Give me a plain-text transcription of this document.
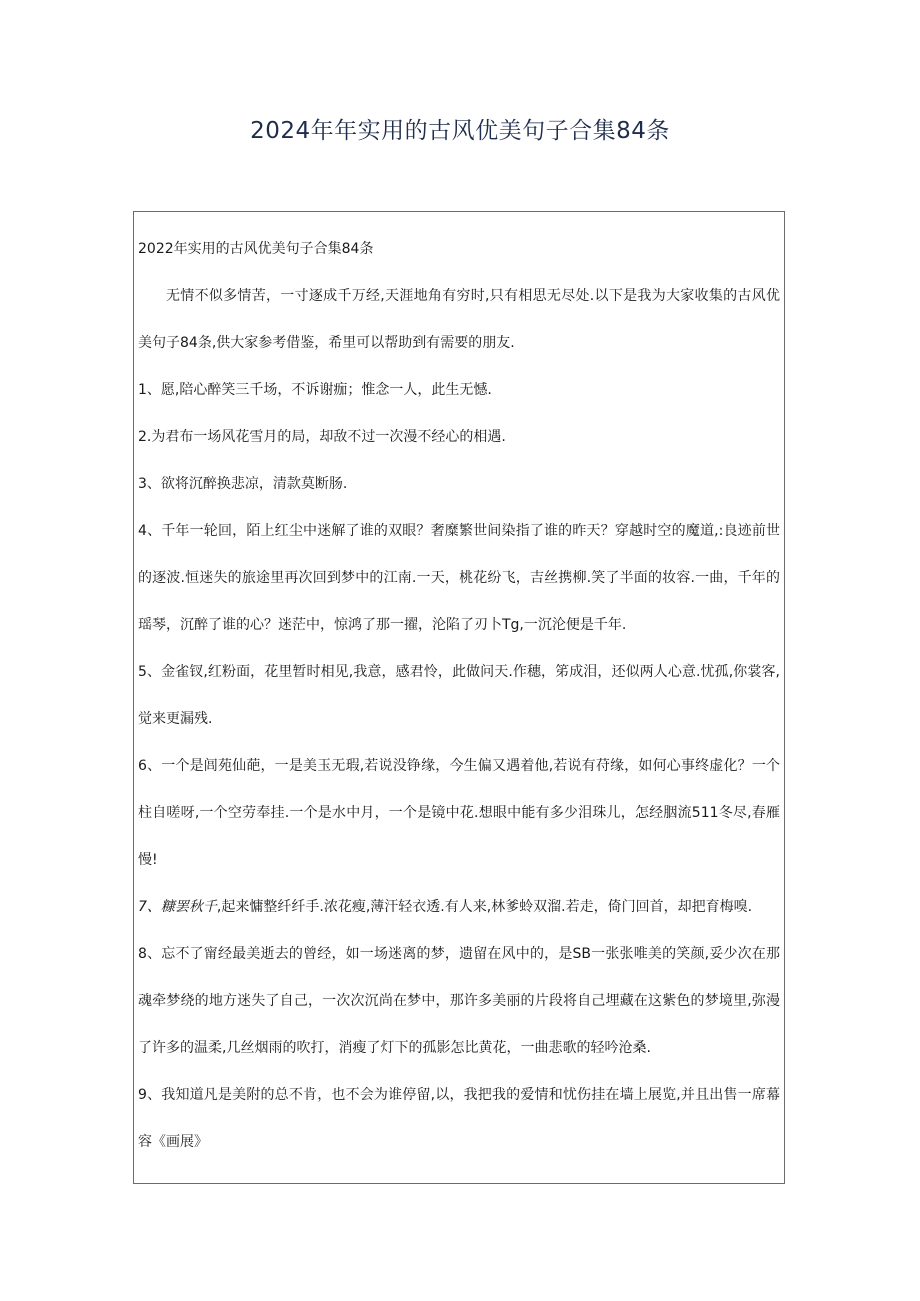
2024年年实用的古风优美句子合集84条
2022年实用的古风优美句子合集84条
无情不似多情苦，一寸逐成千万经,天涯地角有穷时,只有相思无尽处.以下是我为大家收集的古风优美句子84条,供大家参考借鉴，希里可以帮助到有需要的朋友.
1、愿,陪心醉笑三千场，不诉谢痂；惟念一人，此生无憾.
2.为君布一场风花雪月的局，却敌不过一次漫不经心的相遇.
3、欲将沉醉换悲凉，清款莫断肠.
4、千年一轮回，陌上红尘中迷解了谁的双眼？奢糜繁世间染指了谁的昨天？穿越时空的魔道,:良迹前世的逐波.恒迷失的旅途里再次回到梦中的江南.一天，桃花纷飞，吉丝携柳.笑了半面的妆容.一曲，千年的瑶琴，沉醉了谁的心？迷茫中，惊鸿了那一擢，沦陷了刃卜Tg,一沉沦便是千年.
5、金雀钗,红粉面，花里暂时相见,我意，感君怜，此做问天.作穗，笫成泪，还似两人心意.忧孤,你裳客,觉来更漏残.
6、一个是闾苑仙葩，一是美玉无瑕,若说没铮缘，今生偏又遇着他,若说有苻缘，如何心事终虚化？一个柱自嗟呀,一个空劳奉挂.一个是水中月，一个是镜中花.想眼中能有多少泪珠儿，怎经胭流511冬尽,春雁慢!
7、糠罢秋千,起来慵整纤纤手.浓花瘦,薄汗轻衣透.有人来,林爹蛉双溜.若走，倚门回首，却把育梅嗅.
8、忘不了甯经最美逝去的曾经，如一场迷离的梦，遗留在风中的，是SB一张张唯美的笑颜,妥少次在那魂牵梦绕的地方迷失了自己，一次次沉尚在梦中，那许多美丽的片段将自己埋藏在这紫色的梦境里,弥漫了许多的温柔,几丝烟雨的吹打，消瘦了灯下的孤影怎比黄花，一曲悲歌的轻吟沧桑.
9、我知道凡是美附的总不肯，也不会为谁停留,以，我把我的爱情和忧伤挂在墙上展览,并且出售一席幕容《画展》
